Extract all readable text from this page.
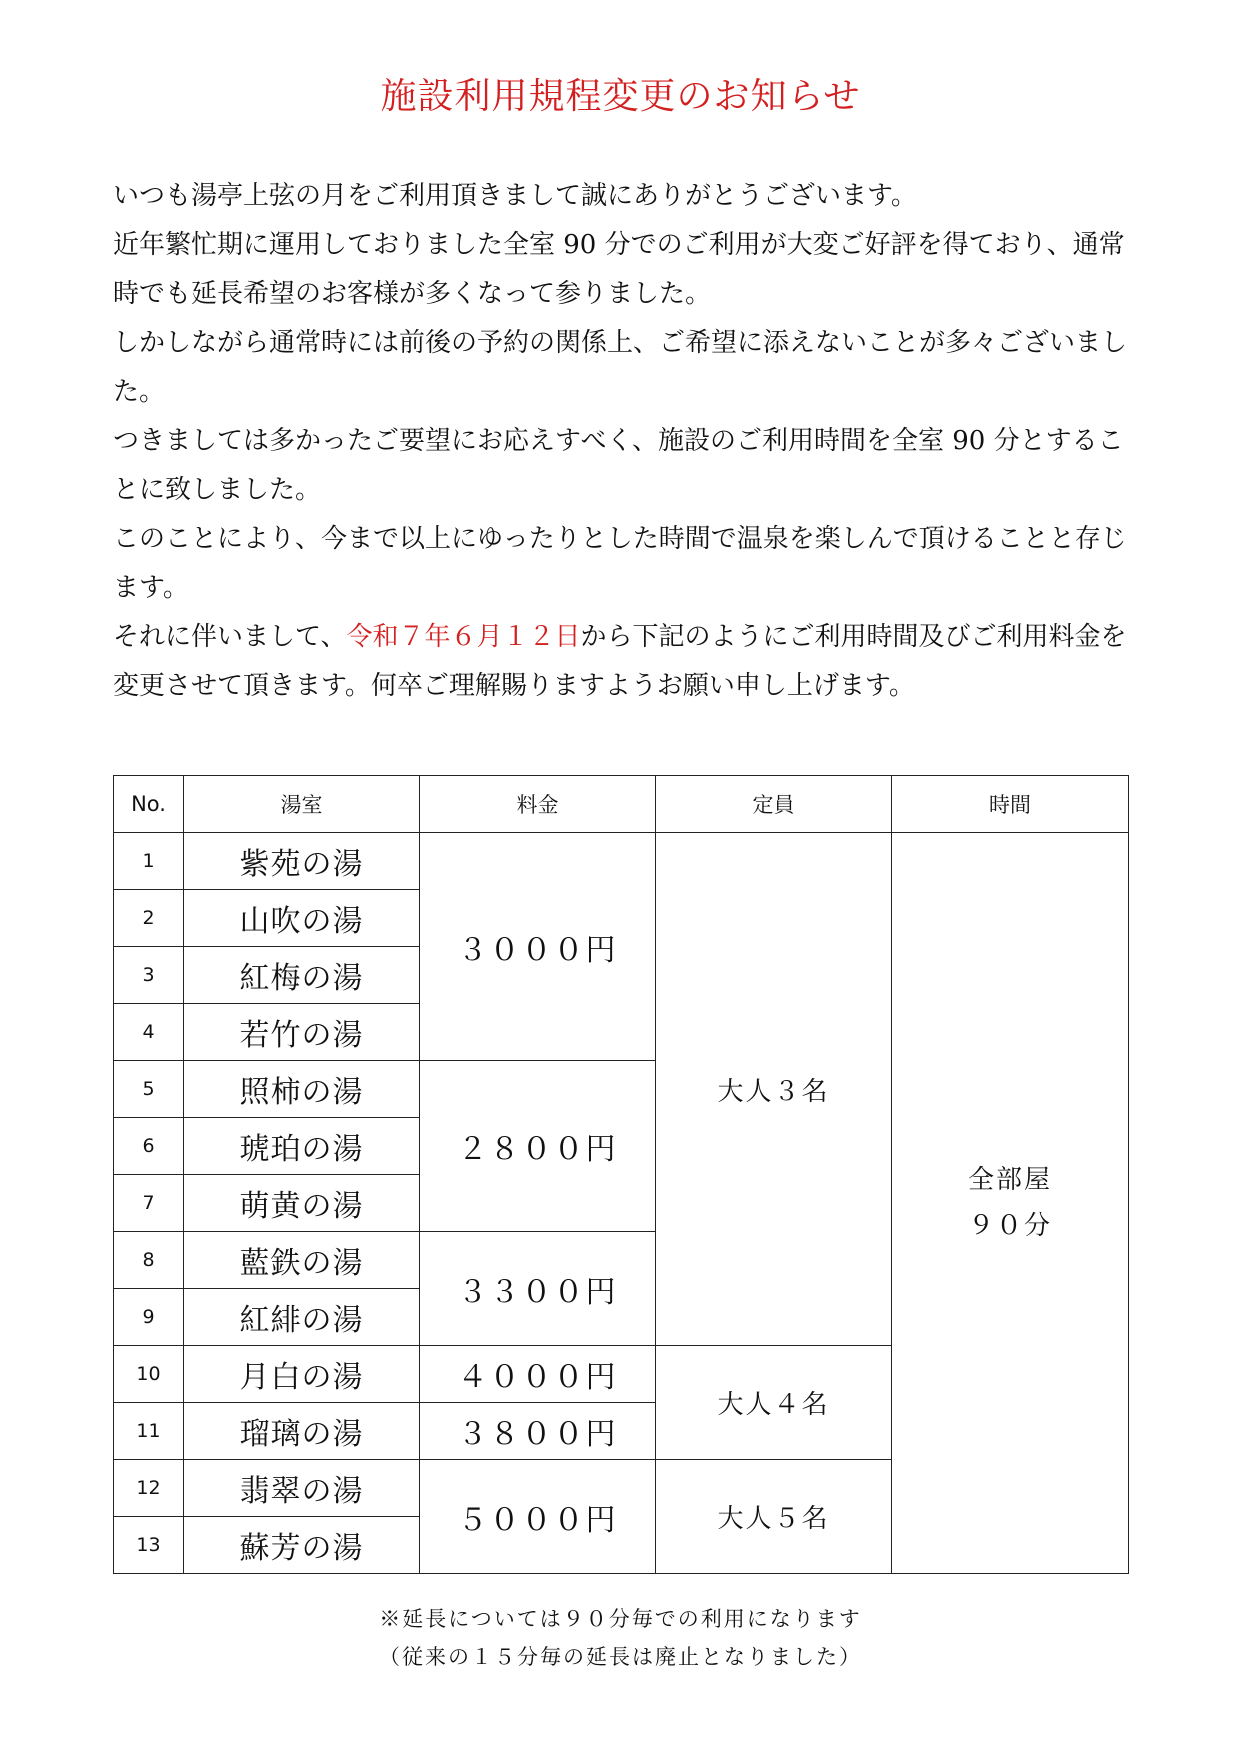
施設利用規程変更のお知らせ

いつも湯亭上弦の月をご利用頂きまして誠にありがとうございます。

近年繁忙期に運用しておりました全室 90 分でのご利用が大変ご好評を得ており、通常時でも延長希望のお客様が多くなって参りました。

しかしながら通常時には前後の予約の関係上、ご希望に添えないことが多々ございました。

つきましては多かったご要望にお応えすべく、施設のご利用時間を全室 90 分とすることに致しました。

このことにより、今まで以上にゆったりとした時間で温泉を楽しんで頂けることと存じます。

それに伴いまして、令和７年６月１２日から下記のようにご利用時間及びご利用料金を変更させて頂きます。何卒ご理解賜りますようお願い申し上げます。

No.	湯室	料金	定員	時間
1	紫苑の湯	３０００円	大人３名	全部屋
９０分

2	山吹の湯			
3	紅梅の湯			
4	若竹の湯			
5	照柿の湯	２８００円		
6	琥珀の湯			
7	萌黄の湯			
8	藍鉄の湯	３３００円		
9	紅緋の湯			
10	月白の湯	４０００円	大人４名	
11	瑠璃の湯	３８００円		
12	翡翠の湯	５０００円	大人５名	
13	蘇芳の湯			
※延長については９０分毎での利用になります
（従来の１５分毎の延長は廃止となりました）
